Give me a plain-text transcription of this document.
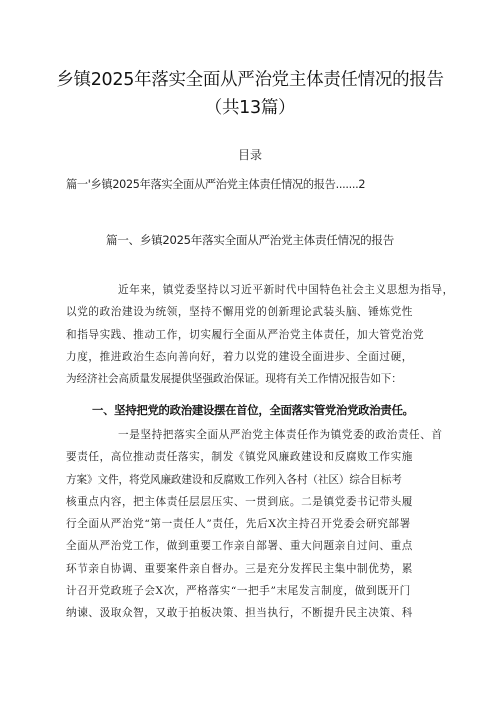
乡镇2025年落实全面从严治党主体责任情况的报告
（共13篇）
目录
篇一'乡镇2025年落实全面从严治党主体责任情况的报告.......2
篇一、乡镇2025年落实全面从严治党主体责任情况的报告
近年来，镇党委坚持以习近平新时代中国特色社会主义思想为指导，
以党的政治建设为统领，坚持不懈用党的创新理论武装头脑、锤炼党性
和指导实践、推动工作，切实履行全面从严治党主体责任，加大管党治党
力度，推进政治生态向善向好，着力以党的建设全面进步、全面过硬，
为经济社会高质量发展提供坚强政治保证。现将有关工作情况报告如下：
一、坚持把党的政治建设摆在首位，全面落实管党治党政治责任。
一是坚持把落实全面从严治党主体责任作为镇党委的政治责任、首
要责任，高位推动责任落实，制发《镇党风廉政建设和反腐败工作实施
方案》文件，将党风廉政建设和反腐败工作列入各村（社区）综合目标考
核重点内容，把主体责任层层压实、一贯到底。二是镇党委书记带头履
行全面从严治党“第一责任人”责任，先后X次主持召开党委会研究部署
全面从严治党工作，做到重要工作亲自部署、重大问题亲自过问、重点
环节亲自协调、重要案件亲自督办。三是充分发挥民主集中制优势，累
计召开党政班子会X次，严格落实“一把手”末尾发言制度，做到既开门
纳谏、汲取众智，又敢于拍板决策、担当执行，不断提升民主决策、科
